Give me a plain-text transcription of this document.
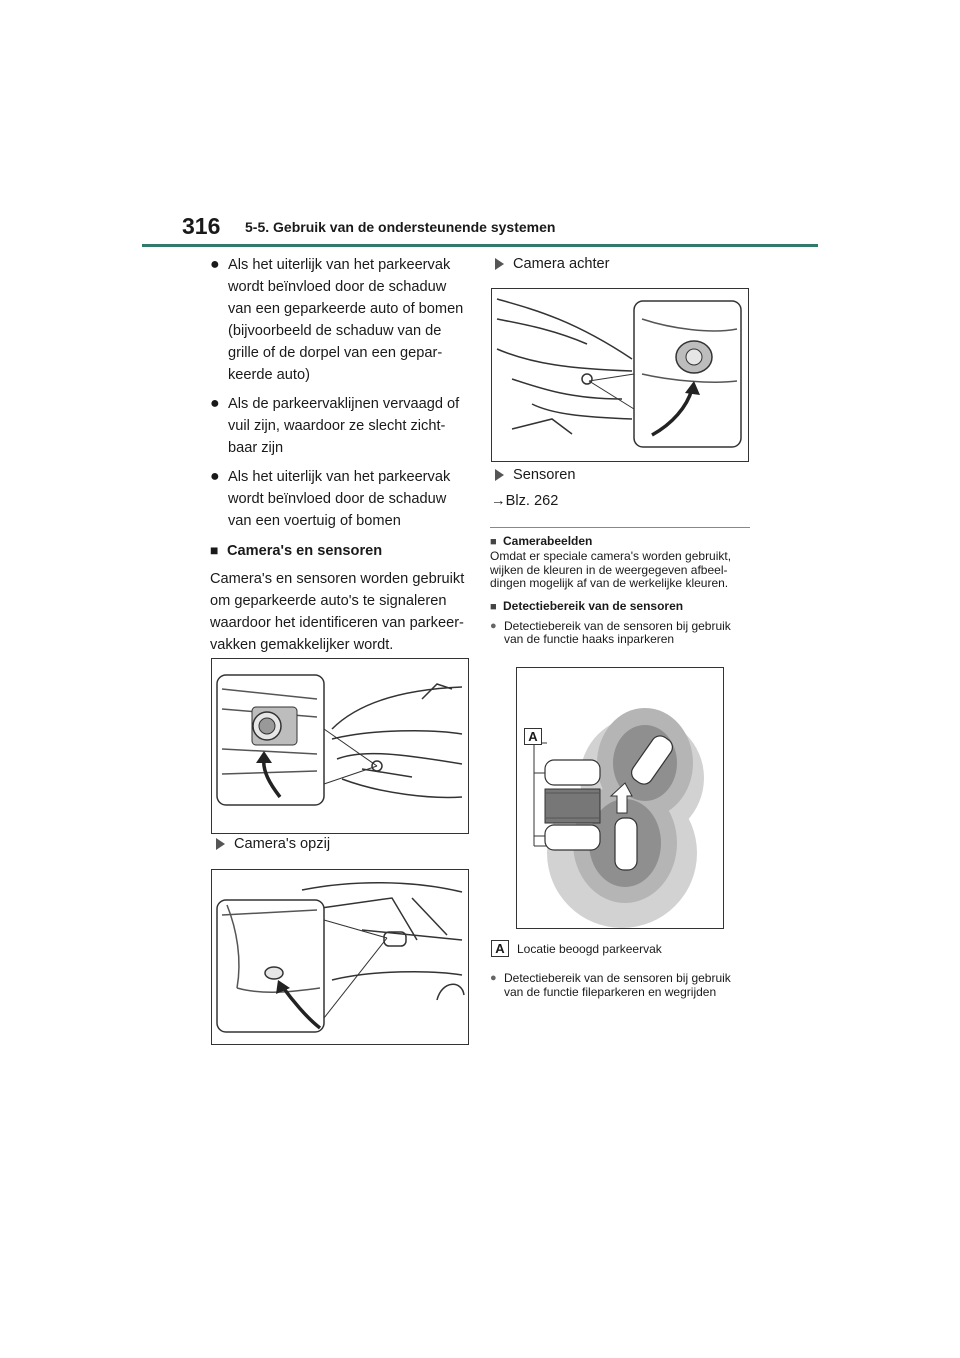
316 5-5. Gebruik van de ondersteunende systemen
● Als het uiterlijk van het parkeervak wordt beïnvloed door de schaduw van een geparkeerde auto of bomen (bijvoorbeeld de schaduw van de grille of de dorpel van een gepar-keerde auto)
● Als de parkeervaklijnen vervaagd of vuil zijn, waardoor ze slecht zicht-baar zijn
● Als het uiterlijk van het parkeervak wordt beïnvloed door de schaduw van een voertuig of bomen
■ Camera's en sensoren
Camera's en sensoren worden gebruikt om geparkeerde auto's te signaleren waardoor het identificeren van parkeer-vakken gemakkelijker wordt.
Camera's opzij
Camera achter
Sensoren
→Blz. 262
■ Camerabeelden
Omdat er speciale camera's worden gebruikt, wijken de kleuren in de weergegeven afbeel-dingen mogelijk af van de werkelijke kleuren.
■ Detectiebereik van de sensoren
● Detectiebereik van de sensoren bij gebruik van de functie haaks inparkeren
A
A	Locatie beoogd parkeervak
● Detectiebereik van de sensoren bij gebruik van de functie fileparkeren en wegrijden
